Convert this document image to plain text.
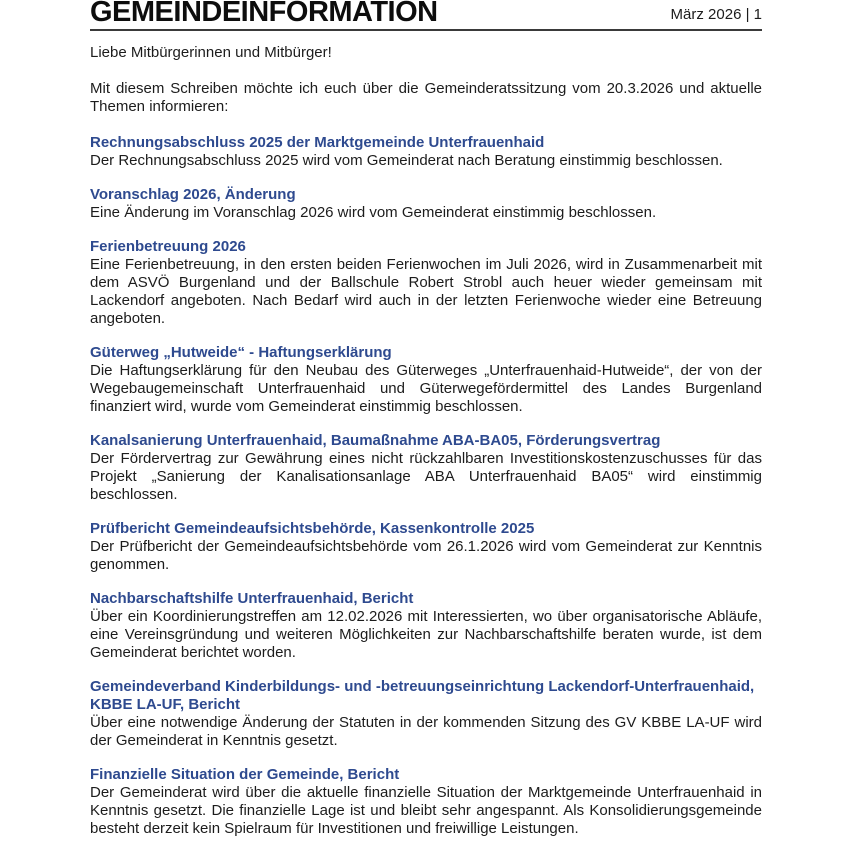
GEMEINDEINFORMATION	März 2026 | 1
Liebe Mitbürgerinnen und Mitbürger!

Mit diesem Schreiben möchte ich euch über die Gemeinderatssitzung vom 20.3.2026 und aktuelle Themen informieren:

Rechnungsabschluss 2025 der Marktgemeinde Unterfrauenhaid

Der Rechnungsabschluss 2025 wird vom Gemeinderat nach Beratung einstimmig beschlossen.

Voranschlag 2026, Änderung

Eine Änderung im Voranschlag 2026 wird vom Gemeinderat einstimmig beschlossen.

Ferienbetreuung 2026

Eine Ferienbetreuung, in den ersten beiden Ferienwochen im Juli 2026, wird in Zusammenarbeit mit dem ASVÖ Burgenland und der Ballschule Robert Strobl auch heuer wieder gemeinsam mit Lackendorf angeboten. Nach Bedarf wird auch in der letzten Ferienwoche wieder eine Betreuung angeboten.

Güterweg „Hutweide“ - Haftungserklärung

Die Haftungserklärung für den Neubau des Güterweges „Unterfrauenhaid-Hutweide“, der von der Wegebaugemeinschaft Unterfrauenhaid und Güterwegefördermittel des Landes Burgenland finanziert wird, wurde vom Gemeinderat einstimmig beschlossen.

Kanalsanierung Unterfrauenhaid, Baumaßnahme ABA-BA05, Förderungsvertrag

Der Fördervertrag zur Gewährung eines nicht rückzahlbaren Investitionskostenzuschusses für das Projekt „Sanierung der Kanalisationsanlage ABA Unterfrauenhaid BA05“ wird einstimmig beschlossen.

Prüfbericht Gemeindeaufsichtsbehörde, Kassenkontrolle 2025

Der Prüfbericht der Gemeindeaufsichtsbehörde vom 26.1.2026 wird vom Gemeinderat zur Kenntnis genommen.

Nachbarschaftshilfe Unterfrauenhaid, Bericht

Über ein Koordinierungstreffen am 12.02.2026 mit Interessierten, wo über organisatorische Abläufe, eine Vereinsgründung und weiteren Möglichkeiten zur Nachbarschaftshilfe beraten wurde, ist dem Gemeinderat berichtet worden.

Gemeindeverband Kinderbildungs- und -betreuungseinrichtung Lackendorf-Unterfrauenhaid, KBBE LA-UF, Bericht

Über eine notwendige Änderung der Statuten in der kommenden Sitzung des GV KBBE LA-UF wird der Gemeinderat in Kenntnis gesetzt.

Finanzielle Situation der Gemeinde, Bericht

Der Gemeinderat wird über die aktuelle finanzielle Situation der Marktgemeinde Unterfrauenhaid in Kenntnis gesetzt. Die finanzielle Lage ist und bleibt sehr angespannt. Als Konsolidierungsgemeinde besteht derzeit kein Spielraum für Investitionen und freiwillige Leistungen.
